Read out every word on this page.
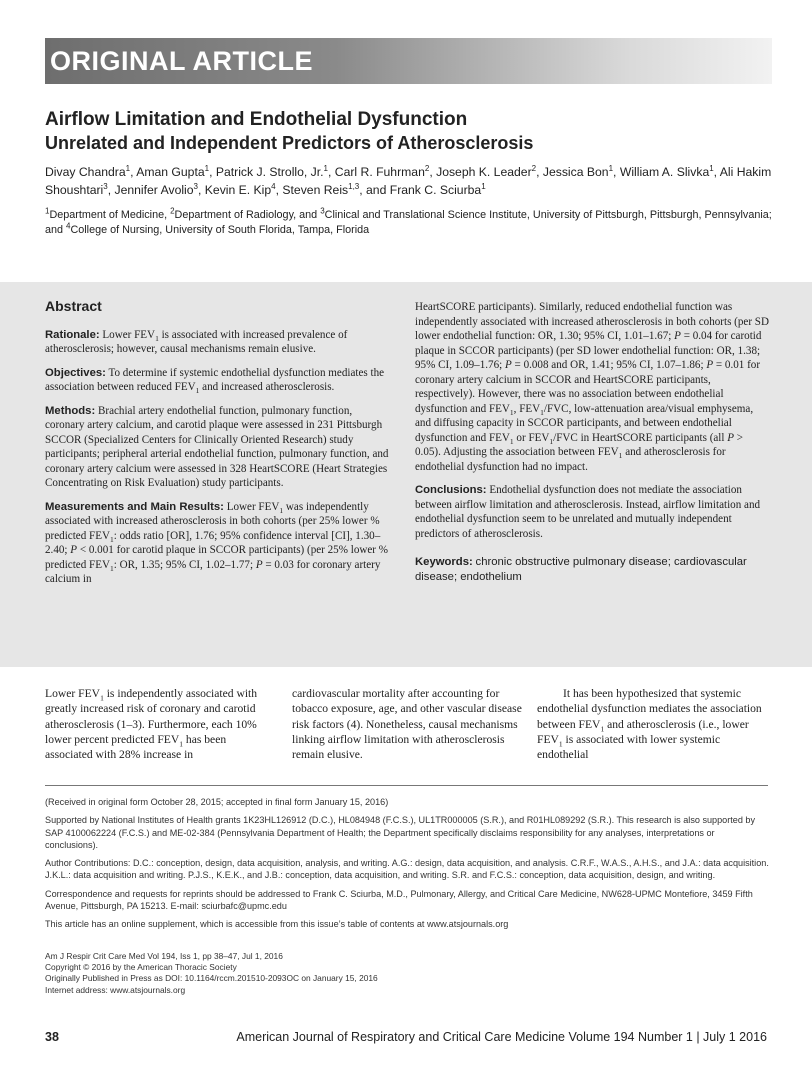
ORIGINAL ARTICLE
Airflow Limitation and Endothelial Dysfunction
Unrelated and Independent Predictors of Atherosclerosis
Divay Chandra$^1$, Aman Gupta$^1$, Patrick J. Strollo, Jr.$^1$, Carl R. Fuhrman$^2$, Joseph K. Leader$^2$, Jessica Bon$^1$, William A. Slivka$^1$, Ali Hakim Shoushtari$^3$, Jennifer Avolio$^3$, Kevin E. Kip$^4$, Steven Reis$^{1,3}$, and Frank C. Sciurba$^1$
$^1$Department of Medicine, $^2$Department of Radiology, and $^3$Clinical and Translational Science Institute, University of Pittsburgh, Pittsburgh, Pennsylvania; and $^4$College of Nursing, University of South Florida, Tampa, Florida
Abstract

Rationale: Lower $FEV_1$ is associated with increased prevalence of atherosclerosis; however, causal mechanisms remain elusive.

Objectives: To determine if systemic endothelial dysfunction mediates the association between reduced $FEV_1$ and increased atherosclerosis.

Methods: Brachial artery endothelial function, pulmonary function, coronary artery calcium, and carotid plaque were assessed in 231 Pittsburgh SCCOR (Specialized Centers for Clinically Oriented Research) study participants; peripheral arterial endothelial function, pulmonary function, and coronary artery calcium were assessed in 328 HeartSCORE (Heart Strategies Concentrating on Risk Evaluation) study participants.

Measurements and Main Results: Lower $FEV_1$ was independently associated with increased atherosclerosis in both cohorts (per 25% lower % predicted $FEV_1$: odds ratio [OR], 1.76; 95% confidence interval [CI], 1.30–2.40; P < 0.001 for carotid plaque in SCCOR participants) (per 25% lower % predicted $FEV_1$: OR, 1.35; 95% CI, 1.02–1.77; P = 0.03 for coronary artery calcium in

HeartSCORE participants). Similarly, reduced endothelial function was independently associated with increased atherosclerosis in both cohorts (per SD lower endothelial function: OR, 1.30; 95% CI, 1.01–1.67; P = 0.04 for carotid plaque in SCCOR participants) (per SD lower endothelial function: OR, 1.38; 95% CI, 1.09–1.76; P = 0.008 and OR, 1.41; 95% CI, 1.07–1.86; P = 0.01 for coronary artery calcium in SCCOR and HeartSCORE participants, respectively). However, there was no association between endothelial dysfunction and $FEV_1$, $FEV_1$/FVC, low-attenuation area/visual emphysema, and diffusing capacity in SCCOR participants, and between endothelial dysfunction and $FEV_1$ or $FEV_1$/FVC in HeartSCORE participants (all P > 0.05). Adjusting the association between $FEV_1$ and atherosclerosis for endothelial dysfunction had no impact.

Conclusions: Endothelial dysfunction does not mediate the association between airflow limitation and atherosclerosis. Instead, airflow limitation and endothelial dysfunction seem to be unrelated and mutually independent predictors of atherosclerosis.

Keywords: chronic obstructive pulmonary disease; cardiovascular disease; endothelium

Lower $FEV_1$ is independently associated with greatly increased risk of coronary and carotid atherosclerosis (1–3). Furthermore, each 10% lower percent predicted $FEV_1$ has been associated with 28% increase in
cardiovascular mortality after accounting for tobacco exposure, age, and other vascular disease risk factors (4). Nonetheless, causal mechanisms linking airflow limitation with atherosclerosis remain elusive.
It has been hypothesized that systemic endothelial dysfunction mediates the association between $FEV_1$ and atherosclerosis (i.e., lower $FEV_1$ is associated with lower systemic endothelial

(Received in original form October 28, 2015; accepted in final form January 15, 2016)

Supported by National Institutes of Health grants 1K23HL126912 (D.C.), HL084948 (F.C.S.), UL1TR000005 (S.R.), and R01HL089292 (S.R.). This research is also supported by SAP 4100062224 (F.C.S.) and ME-02-384 (Pennsylvania Department of Health; the Department specifically disclaims responsibility for any analyses, interpretations or conclusions).

Author Contributions: D.C.: conception, design, data acquisition, analysis, and writing. A.G.: design, data acquisition, and analysis. C.R.F., W.A.S., A.H.S., and J.A.: data acquisition. J.K.L.: data acquisition and writing. P.J.S., K.E.K., and J.B.: conception, data acquisition, and writing. S.R. and F.C.S.: conception, data acquisition, design, and writing.

Correspondence and requests for reprints should be addressed to Frank C. Sciurba, M.D., Pulmonary, Allergy, and Critical Care Medicine, NW628-UPMC Montefiore, 3459 Fifth Avenue, Pittsburgh, PA 15213. E-mail: sciurbafc@upmc.edu

This article has an online supplement, which is accessible from this issue’s table of contents at www.atsjournals.org

Am J Respir Crit Care Med Vol 194, Iss 1, pp 38–47, Jul 1, 2016
Copyright © 2016 by the American Thoracic Society
Originally Published in Press as DOI: 10.1164/rccm.201510-2093OC on January 15, 2016
Internet address: www.atsjournals.org
38	American Journal of Respiratory and Critical Care Medicine Volume 194 Number 1 | July 1 2016
